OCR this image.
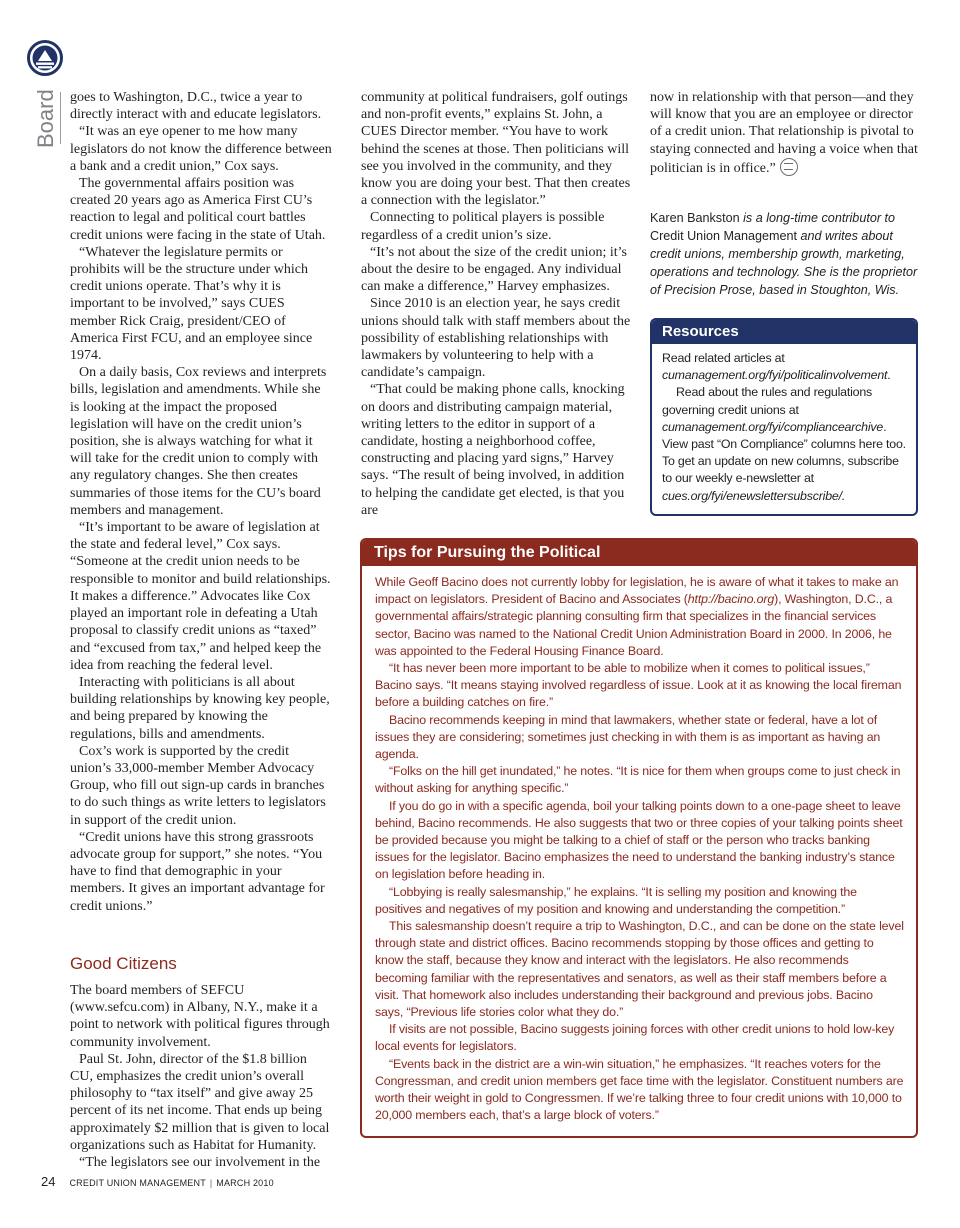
Board goes to Washington, D.C., twice a year to directly interact with and educate legislators.

“It was an eye opener to me how many legislators do not know the difference between a bank and a credit union,” Cox says.

The governmental affairs position was created 20 years ago as America First CU’s reaction to legal and political court battles credit unions were facing in the state of Utah.

“Whatever the legislature permits or prohibits will be the structure under which credit unions operate. That’s why it is important to be involved,” says CUES member Rick Craig, president/CEO of America First FCU, and an employee since 1974.

On a daily basis, Cox reviews and interprets bills, legislation and amendments. While she is looking at the impact the proposed legislation will have on the credit union’s position, she is always watching for what it will take for the credit union to comply with any regulatory changes. She then creates summaries of those items for the CU’s board members and management.

“It’s important to be aware of legislation at the state and federal level,” Cox says. “Someone at the credit union needs to be responsible to monitor and build relationships. It makes a difference.” Advocates like Cox played an important role in defeating a Utah proposal to classify credit unions as “taxed” and “excused from tax,” and helped keep the idea from reaching the federal level.

Interacting with politicians is all about building relationships by knowing key people, and being prepared by knowing the regulations, bills and amendments.

Cox’s work is supported by the credit union’s 33,000-member Member Advocacy Group, who fill out sign-up cards in branches to do such things as write letters to legislators in support of the credit union.

“Credit unions have this strong grassroots advocate group for support,” she notes. “You have to find that demographic in your members. It gives an important advantage for credit unions.”

Good Citizens

The board members of SEFCU (www.sefcu.com) in Albany, N.Y., make it a point to network with political figures through community involvement.

Paul St. John, director of the $1.8 billion CU, emphasizes the credit union’s overall philosophy to “tax itself” and give away 25 percent of its net income. That ends up being approximately $2 million that is given to local organizations such as Habitat for Humanity.

“The legislators see our involvement in the

community at political fundraisers, golf outings and non-profit events,” explains St. John, a CUES Director member. “You have to work behind the scenes at those. Then politicians will see you involved in the community, and they know you are doing your best. That then creates a connection with the legislator.”

Connecting to political players is possible regardless of a credit union’s size.

“It’s not about the size of the credit union; it’s about the desire to be engaged. Any individual can make a difference,” Harvey emphasizes.

Since 2010 is an election year, he says credit unions should talk with staff members about the possibility of establishing relationships with lawmakers by volunteering to help with a candidate’s campaign.

“That could be making phone calls, knocking on doors and distributing campaign material, writing letters to the editor in support of a candidate, hosting a neighborhood coffee, constructing and placing yard signs,” Harvey says. “The result of being involved, in addition to helping the candidate get elected, is that you are

now in relationship with that person—and they will know that you are an employee or director of a credit union. That relationship is pivotal to staying connected and having a voice when that politician is in office.”

Karen Bankston is a long-time contributor to Credit Union Management and writes about credit unions, membership growth, marketing, operations and technology. She is the proprietor of Precision Prose, based in Stoughton, Wis.
Resources

Read related articles at cumanagement.org/fyi/politicalinvolvement.

Read about the rules and regulations governing credit unions at cumanagement.org/fyi/compliancearchive. View past “On Compliance” columns here too.

To get an update on new columns, subscribe to our weekly e-newsletter at cues.org/fyi/enewslettersubscribe/.

Tips for Pursuing the Political

While Geoff Bacino does not currently lobby for legislation, he is aware of what it takes to make an impact on legislators. President of Bacino and Associates (http://bacino.org), Washington, D.C., a governmental affairs/strategic planning consulting firm that specializes in the financial services sector, Bacino was named to the National Credit Union Administration Board in 2000. In 2006, he was appointed to the Federal Housing Finance Board.

“It has never been more important to be able to mobilize when it comes to political issues,” Bacino says. “It means staying involved regardless of issue. Look at it as knowing the local fireman before a building catches on fire.”

Bacino recommends keeping in mind that lawmakers, whether state or federal, have a lot of issues they are considering; sometimes just checking in with them is as important as having an agenda.

“Folks on the hill get inundated,” he notes. “It is nice for them when groups come to just check in without asking for anything specific.”

If you do go in with a specific agenda, boil your talking points down to a one-page sheet to leave behind, Bacino recommends. He also suggests that two or three copies of your talking points sheet be provided because you might be talking to a chief of staff or the person who tracks banking issues for the legislator. Bacino emphasizes the need to understand the banking industry’s stance on legislation before heading in.

“Lobbying is really salesmanship,” he explains. “It is selling my position and knowing the positives and negatives of my position and knowing and understanding the competition.”

This salesmanship doesn’t require a trip to Washington, D.C., and can be done on the state level through state and district offices. Bacino recommends stopping by those offices and getting to know the staff, because they know and interact with the legislators. He also recommends becoming familiar with the representatives and senators, as well as their staff members before a visit. That homework also includes understanding their background and previous jobs. Bacino says, “Previous life stories color what they do.”

If visits are not possible, Bacino suggests joining forces with other credit unions to hold low-key local events for legislators.

“Events back in the district are a win-win situation,” he emphasizes. “It reaches voters for the Congressman, and credit union members get face time with the legislator. Constituent numbers are worth their weight in gold to Congressmen. If we’re talking three to four credit unions with 10,000 to 20,000 members each, that’s a large block of voters.”

24 CREDIT UNION MANAGEMENT | MARCH 2010
